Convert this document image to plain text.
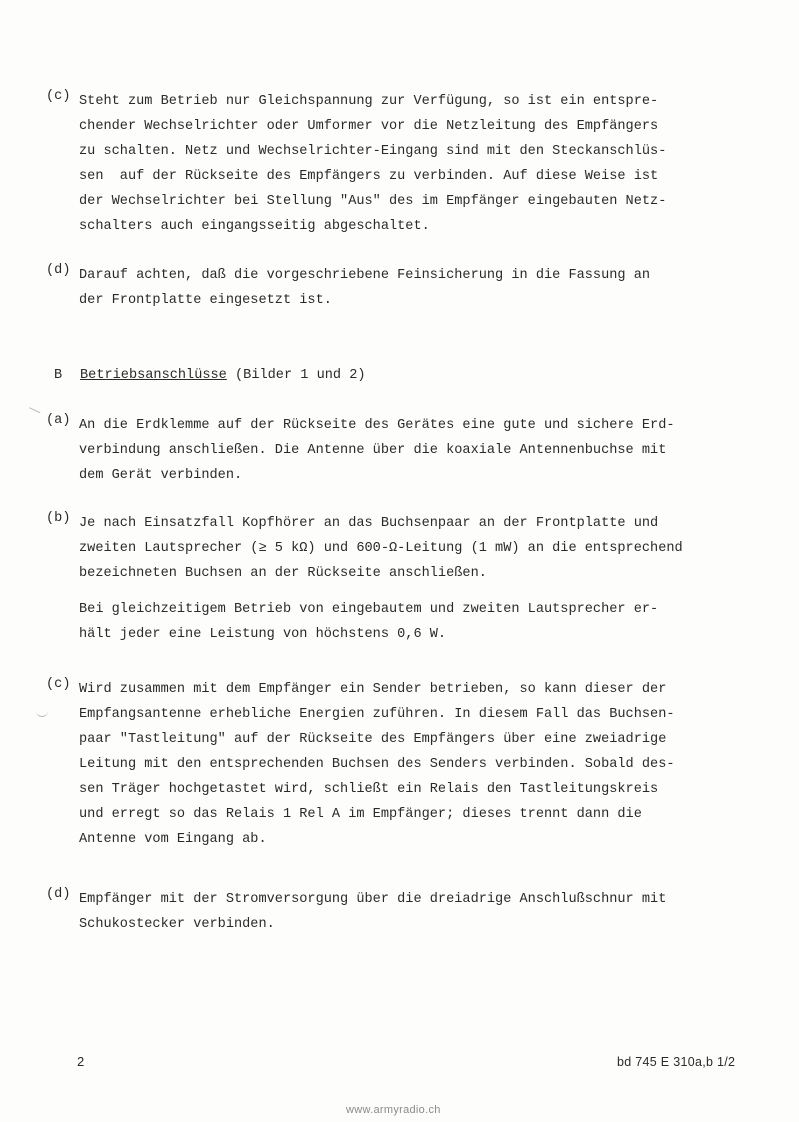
(c) Steht zum Betrieb nur Gleichspannung zur Verfügung, so ist ein entspre-
chender Wechselrichter oder Umformer vor die Netzleitung des Empfängers
zu schalten. Netz und Wechselrichter-Eingang sind mit den Steckanschlüs-
sen  auf der Rückseite des Empfängers zu verbinden. Auf diese Weise ist
der Wechselrichter bei Stellung "Aus" des im Empfänger eingebauten Netz-
schalters auch eingangsseitig abgeschaltet.
(d) Darauf achten, daß die vorgeschriebene Feinsicherung in die Fassung an
der Frontplatte eingesetzt ist.
B Betriebsanschlüsse (Bilder 1 und 2)
(a) An die Erdklemme auf der Rückseite des Gerätes eine gute und sichere Erd-
verbindung anschließen. Die Antenne über die koaxiale Antennenbuchse mit
dem Gerät verbinden.
(b) Je nach Einsatzfall Kopfhörer an das Buchsenpaar an der Frontplatte und
zweiten Lautsprecher (≥ 5 kΩ) und 600-Ω-Leitung (1 mW) an die entsprechend
bezeichneten Buchsen an der Rückseite anschließen.
Bei gleichzeitigem Betrieb von eingebautem und zweiten Lautsprecher er-
hält jeder eine Leistung von höchstens 0,6 W.
(c) Wird zusammen mit dem Empfänger ein Sender betrieben, so kann dieser der
Empfangsantenne erhebliche Energien zuführen. In diesem Fall das Buchsen-
paar "Tastleitung" auf der Rückseite des Empfängers über eine zweiadrige
Leitung mit den entsprechenden Buchsen des Senders verbinden. Sobald des-
sen Träger hochgetastet wird, schließt ein Relais den Tastleitungskreis
und erregt so das Relais 1 Rel A im Empfänger; dieses trennt dann die
Antenne vom Eingang ab.
(d) Empfänger mit der Stromversorgung über die dreiadrige Anschlußschnur mit
Schukostecker verbinden.
2	bd 745 E 310a,b 1/2
www.armyradio.ch
